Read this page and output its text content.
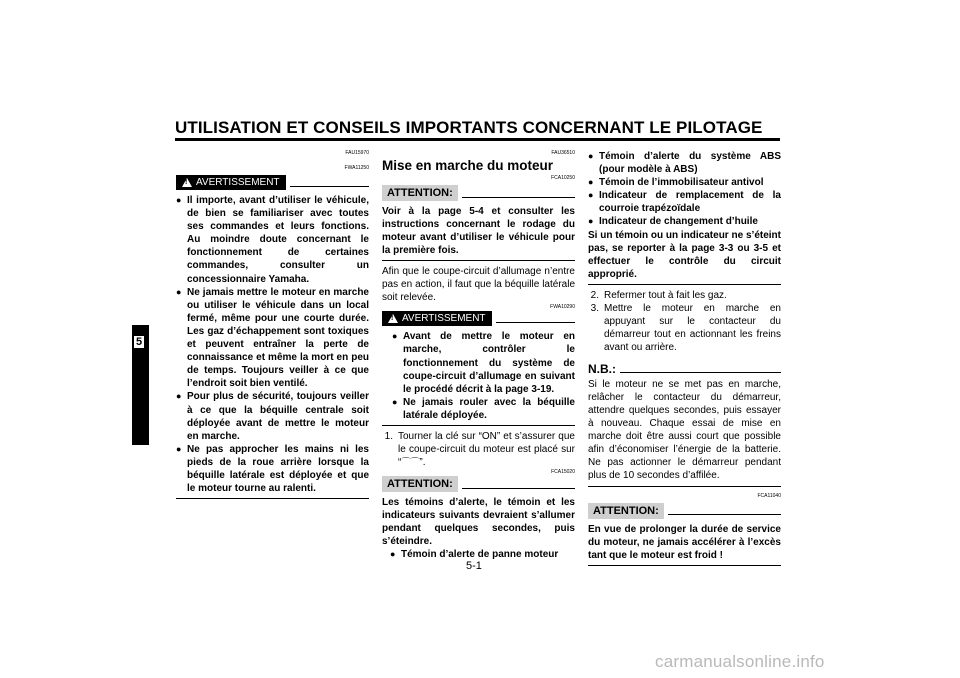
UTILISATION ET CONSEILS IMPORTANTS CONCERNANT LE PILOTAGE
5
FAU15970
FWA11250
! AVERTISSEMENT
● Il importe, avant d’utiliser le véhicule, de bien se familiariser avec toutes ses commandes et leurs fonctions. Au moindre doute concernant le fonctionnement de certaines commandes, consulter un concessionnaire Yamaha.
● Ne jamais mettre le moteur en marche ou utiliser le véhicule dans un local fermé, même pour une courte durée. Les gaz d’échappement sont toxiques et peuvent entraîner la perte de connaissance et même la mort en peu de temps. Toujours veiller à ce que l’endroit soit bien ventilé.
● Pour plus de sécurité, toujours veiller à ce que la béquille centrale soit déployée avant de mettre le moteur en marche.
● Ne pas approcher les mains ni les pieds de la roue arrière lorsque la béquille latérale est déployée et que le moteur tourne au ralenti.
FAU36510
Mise en marche du moteur
FCA10250
ATTENTION:
Voir à la page 5-4 et consulter les instructions concernant le rodage du moteur avant d’utiliser le véhicule pour la première fois.
Afin que le coupe-circuit d’allumage n’entre pas en action, il faut que la béquille latérale soit relevée.
FWA10290
! AVERTISSEMENT
● Avant de mettre le moteur en marche, contrôler le fonctionnement du système de coupe-circuit d’allumage en suivant le procédé décrit à la page 3-19.
● Ne jamais rouler avec la béquille latérale déployée.
1. Tourner la clé sur “ON” et s’assurer que le coupe-circuit du moteur est placé sur “⌒⌒”.
FCA15020
ATTENTION:
Les témoins d’alerte, le témoin et les indicateurs suivants devraient s’allumer pendant quelques secondes, puis s’éteindre.
● Témoin d’alerte de panne moteur
● Témoin d’alerte du système ABS (pour modèle à ABS)
● Témoin de l’immobilisateur antivol
● Indicateur de remplacement de la courroie trapézoïdale
● Indicateur de changement d’huile
Si un témoin ou un indicateur ne s’éteint pas, se reporter à la page 3-3 ou 3-5 et effectuer le contrôle du circuit approprié.
2. Refermer tout à fait les gaz.
3. Mettre le moteur en marche en appuyant sur le contacteur du démarreur tout en actionnant les freins avant ou arrière.
N.B.:
Si le moteur ne se met pas en marche, relâcher le contacteur du démarreur, attendre quelques secondes, puis essayer à nouveau. Chaque essai de mise en marche doit être aussi court que possible afin d’économiser l’énergie de la batterie. Ne pas actionner le démarreur pendant plus de 10 secondes d’affilée.
FCA11040
ATTENTION:
En vue de prolonger la durée de service du moteur, ne jamais accélérer à l’excès tant que le moteur est froid !
5-1
carmanualsonline.info
